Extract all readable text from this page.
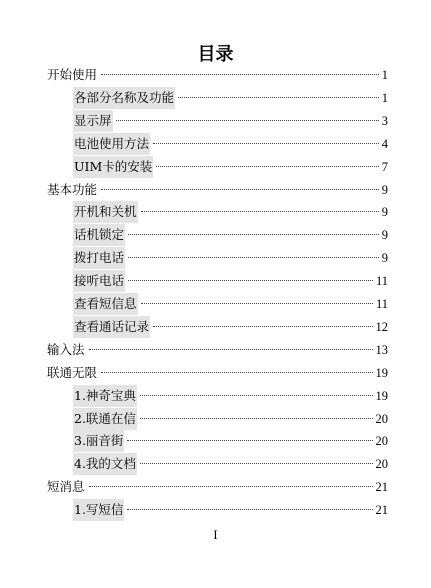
目录
开始使用	1
各部分名称及功能	1
显示屏	3
电池使用方法	4
UIM卡的安装	7
基本功能	9
开机和关机	9
话机锁定	9
拨打电话	9
接听电话	11
查看短信息	11
查看通话记录	12
输入法	13
联通无限	19
1.神奇宝典	19
2.联通在信	20
3.丽音街	20
4.我的文档	20
短消息	21
1.写短信	21
I
